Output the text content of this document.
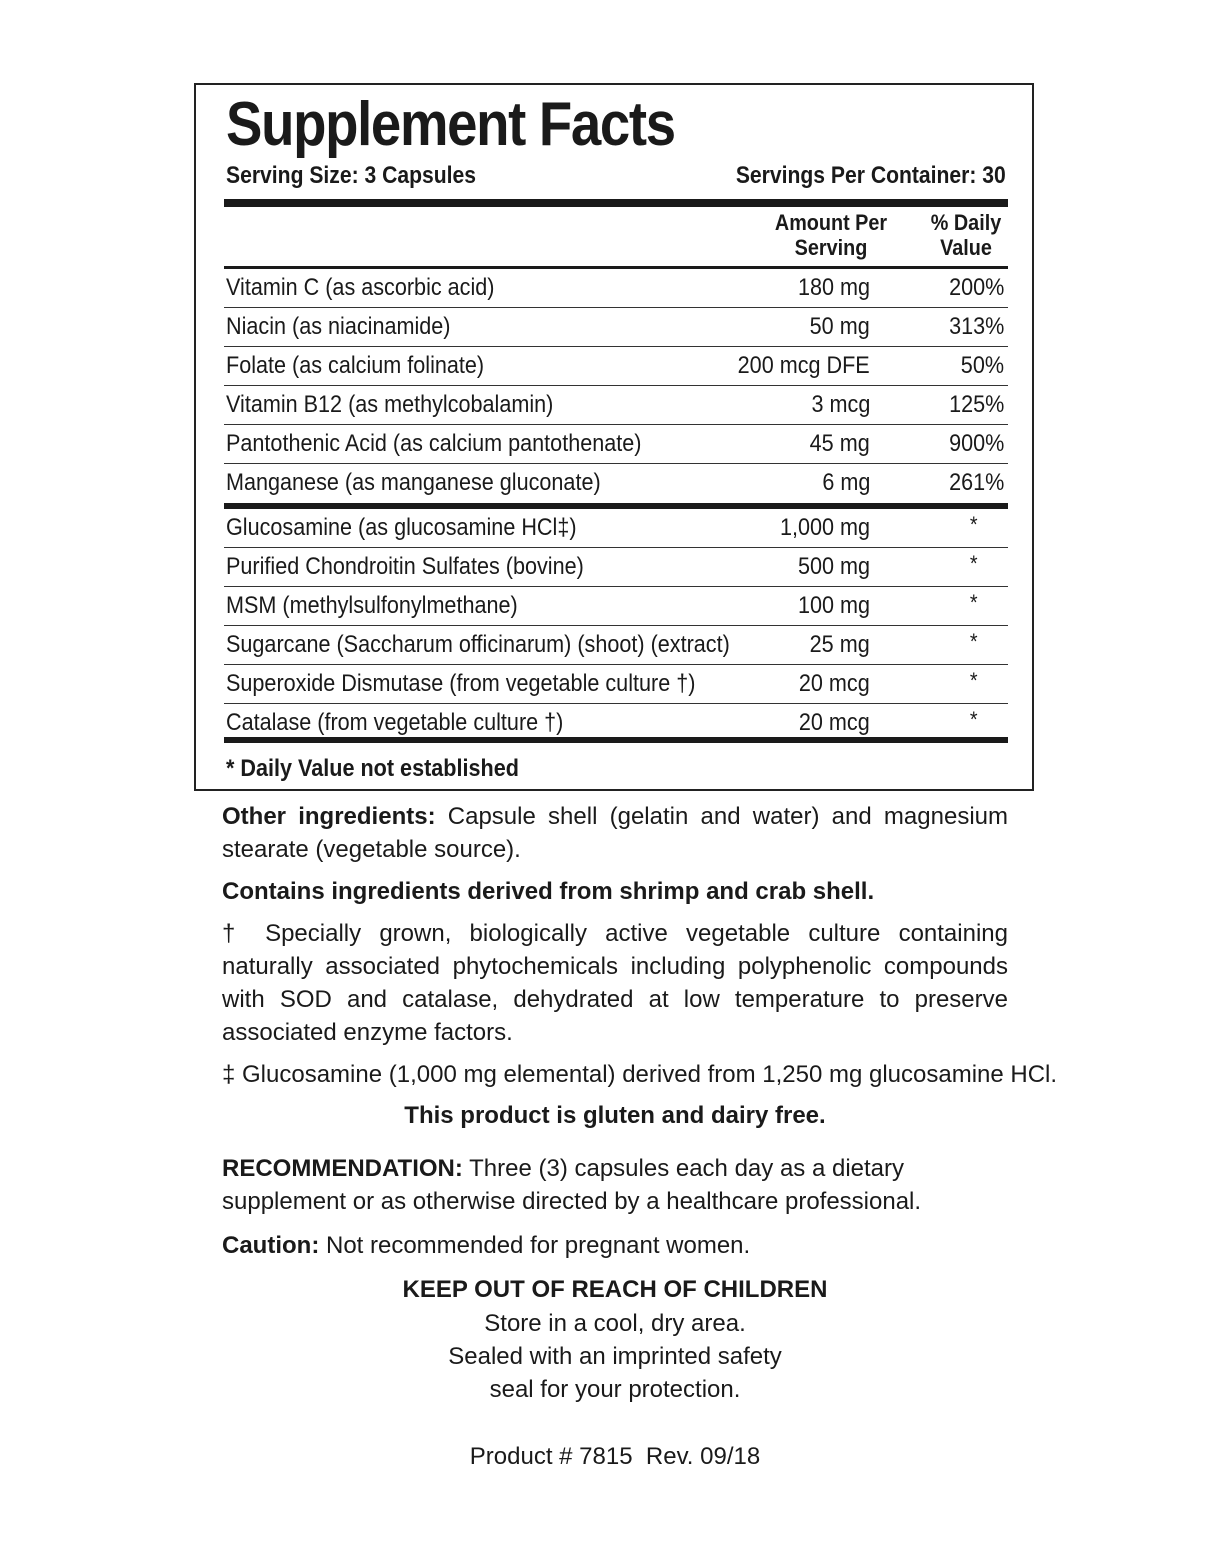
Supplement Facts
Serving Size: 3 Capsules	Servings Per Container: 30
Amount Per
Serving
% Daily
Value
Vitamin C (as ascorbic acid)	180 mg	200%
Niacin (as niacinamide)	50 mg	313%
Folate (as calcium folinate)	200 mcg DFE	50%
Vitamin B12 (as methylcobalamin)	3 mcg	125%
Pantothenic Acid (as calcium pantothenate)	45 mg	900%
Manganese (as manganese gluconate)	6 mg	261%
Glucosamine (as glucosamine HCl‡)	1,000 mg	*
Purified Chondroitin Sulfates (bovine)	500 mg	*
MSM (methylsulfonylmethane)	100 mg	*
Sugarcane (Saccharum officinarum) (shoot) (extract)	25 mg	*
Superoxide Dismutase (from vegetable culture †)	20 mcg	*
Catalase (from vegetable culture †)	20 mcg	*
* Daily Value not established
Other ingredients: Capsule shell (gelatin and water) and magnesium stearate (vegetable source).
Contains ingredients derived from shrimp and crab shell.
† Specially grown, biologically active vegetable culture containing naturally associated phytochemicals including polyphenolic compounds with SOD and catalase, dehydrated at low temperature to preserve associated enzyme factors.
‡ Glucosamine (1,000 mg elemental) derived from 1,250 mg glucosamine HCl.
This product is gluten and dairy free.
RECOMMENDATION: Three (3) capsules each day as a dietary supplement or as otherwise directed by a healthcare professional.
Caution: Not recommended for pregnant women.
KEEP OUT OF REACH OF CHILDREN
Store in a cool, dry area.
Sealed with an imprinted safety
seal for your protection.
Product # 7815  Rev. 09/18
